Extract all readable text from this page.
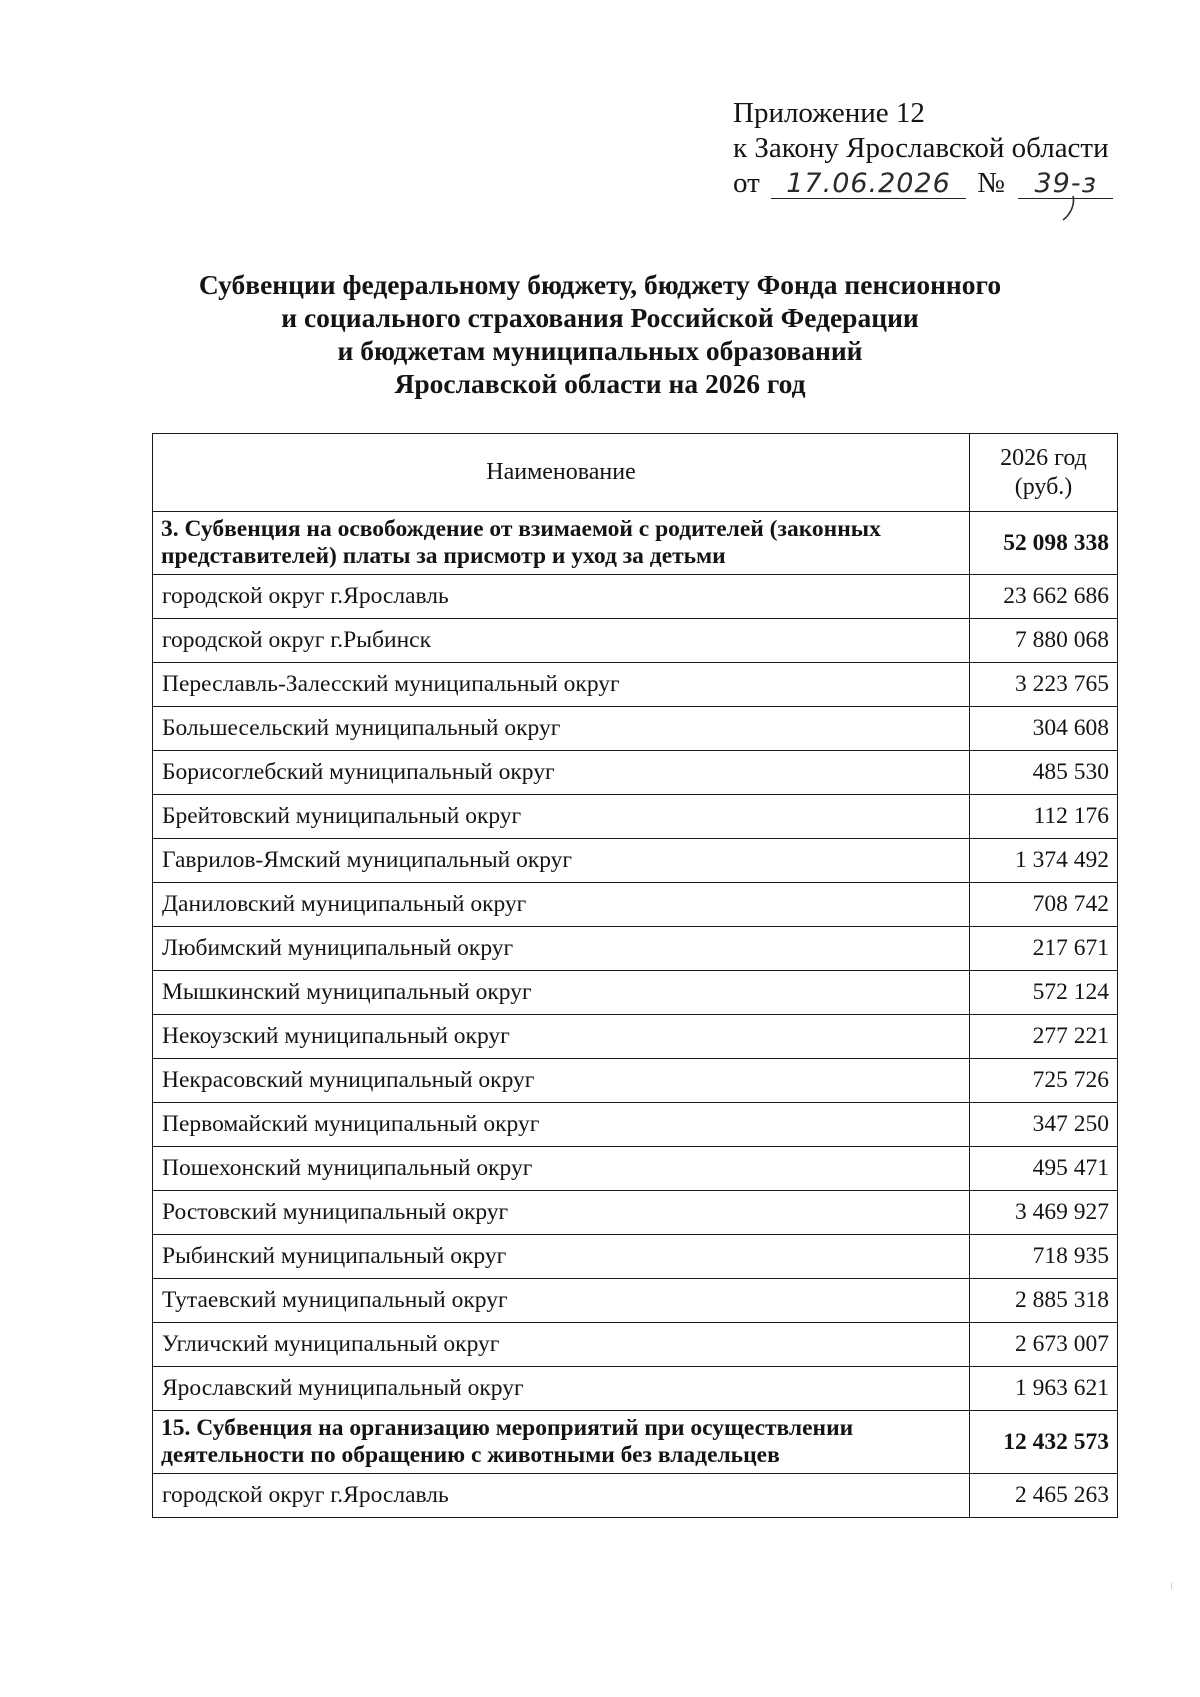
Приложение 12
к Закону Ярославской области
от 17.06.2026 № 39-з
Субвенции федеральному бюджету, бюджету Фонда пенсионного
и социального страхования Российской Федерации
и бюджетам муниципальных образований
Ярославской области на 2026 год
Наименование	2026 год
(руб.)

3. Субвенция на освобождение от взимаемой с родителей (законных представителей) платы за присмотр и уход за детьми	52 098 338
городской округ г.Ярославль	23 662 686
городской округ г.Рыбинск	7 880 068
Переславль-Залесский муниципальный округ	3 223 765
Большесельский муниципальный округ	304 608
Борисоглебский муниципальный округ	485 530
Брейтовский муниципальный округ	112 176
Гаврилов-Ямский муниципальный округ	1 374 492
Даниловский муниципальный округ	708 742
Любимский муниципальный округ	217 671
Мышкинский муниципальный округ	572 124
Некоузский муниципальный округ	277 221
Некрасовский муниципальный округ	725 726
Первомайский муниципальный округ	347 250
Пошехонский муниципальный округ	495 471
Ростовский муниципальный округ	3 469 927
Рыбинский муниципальный округ	718 935
Тутаевский муниципальный округ	2 885 318
Угличский муниципальный округ	2 673 007
Ярославский муниципальный округ	1 963 621
15. Субвенция на организацию мероприятий при осуществлении деятельности по обращению с животными без владельцев	12 432 573
городской округ г.Ярославль	2 465 263
